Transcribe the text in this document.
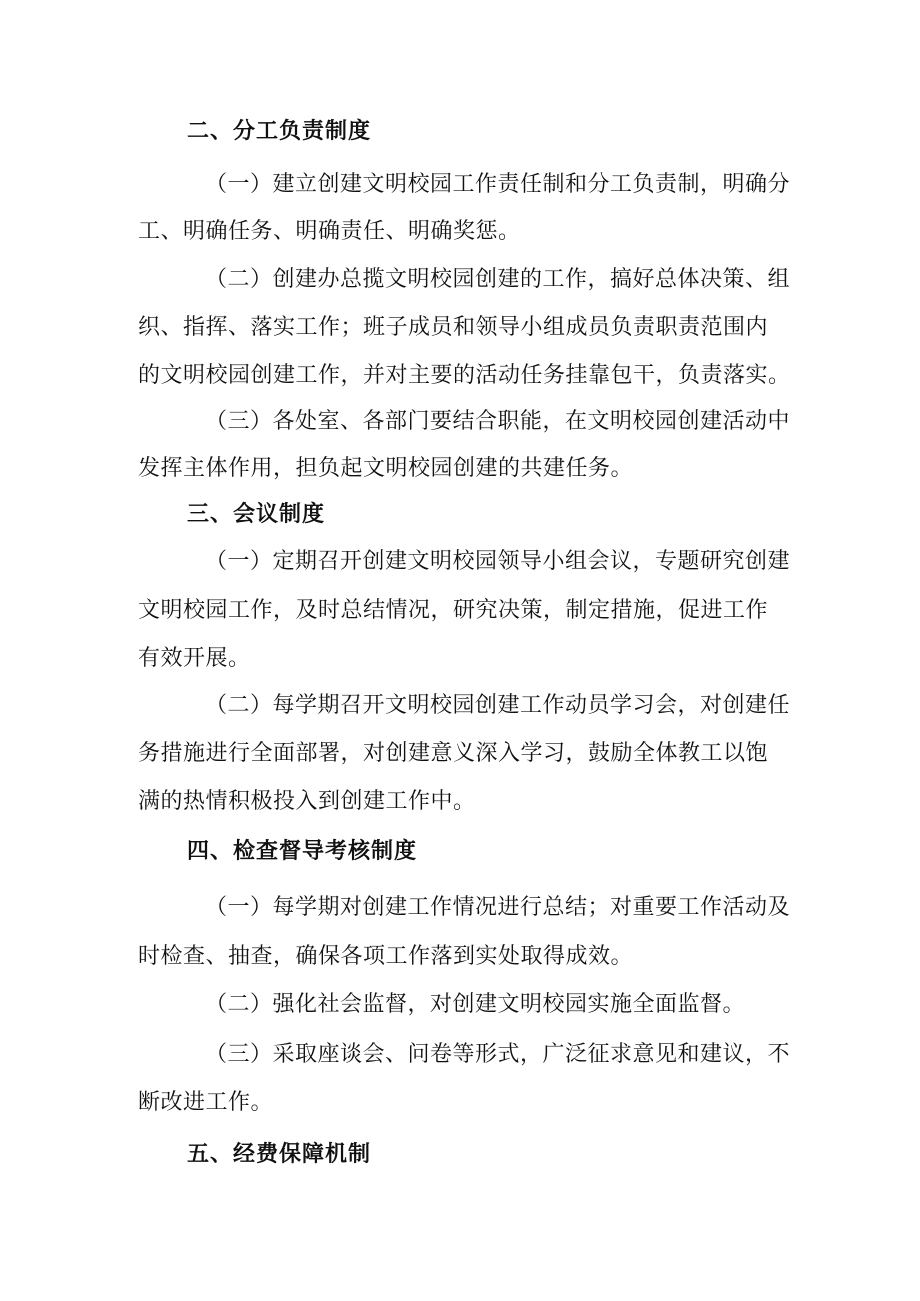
二、分工负责制度
（一）建立创建文明校园工作责任制和分工负责制，明确分
工、明确任务、明确责任、明确奖惩。
（二）创建办总揽文明校园创建的工作，搞好总体决策、组
织、指挥、落实工作；班子成员和领导小组成员负责职责范围内
的文明校园创建工作，并对主要的活动任务挂靠包干，负责落实。
（三）各处室、各部门要结合职能，在文明校园创建活动中
发挥主体作用，担负起文明校园创建的共建任务。
三、会议制度
（一）定期召开创建文明校园领导小组会议，专题研究创建
文明校园工作，及时总结情况，研究决策，制定措施，促进工作
有效开展。
（二）每学期召开文明校园创建工作动员学习会，对创建任
务措施进行全面部署，对创建意义深入学习，鼓励全体教工以饱
满的热情积极投入到创建工作中。
四、检查督导考核制度
（一）每学期对创建工作情况进行总结；对重要工作活动及
时检查、抽查，确保各项工作落到实处取得成效。
（二）强化社会监督，对创建文明校园实施全面监督。
（三）采取座谈会、问卷等形式，广泛征求意见和建议，不
断改进工作。
五、经费保障机制
